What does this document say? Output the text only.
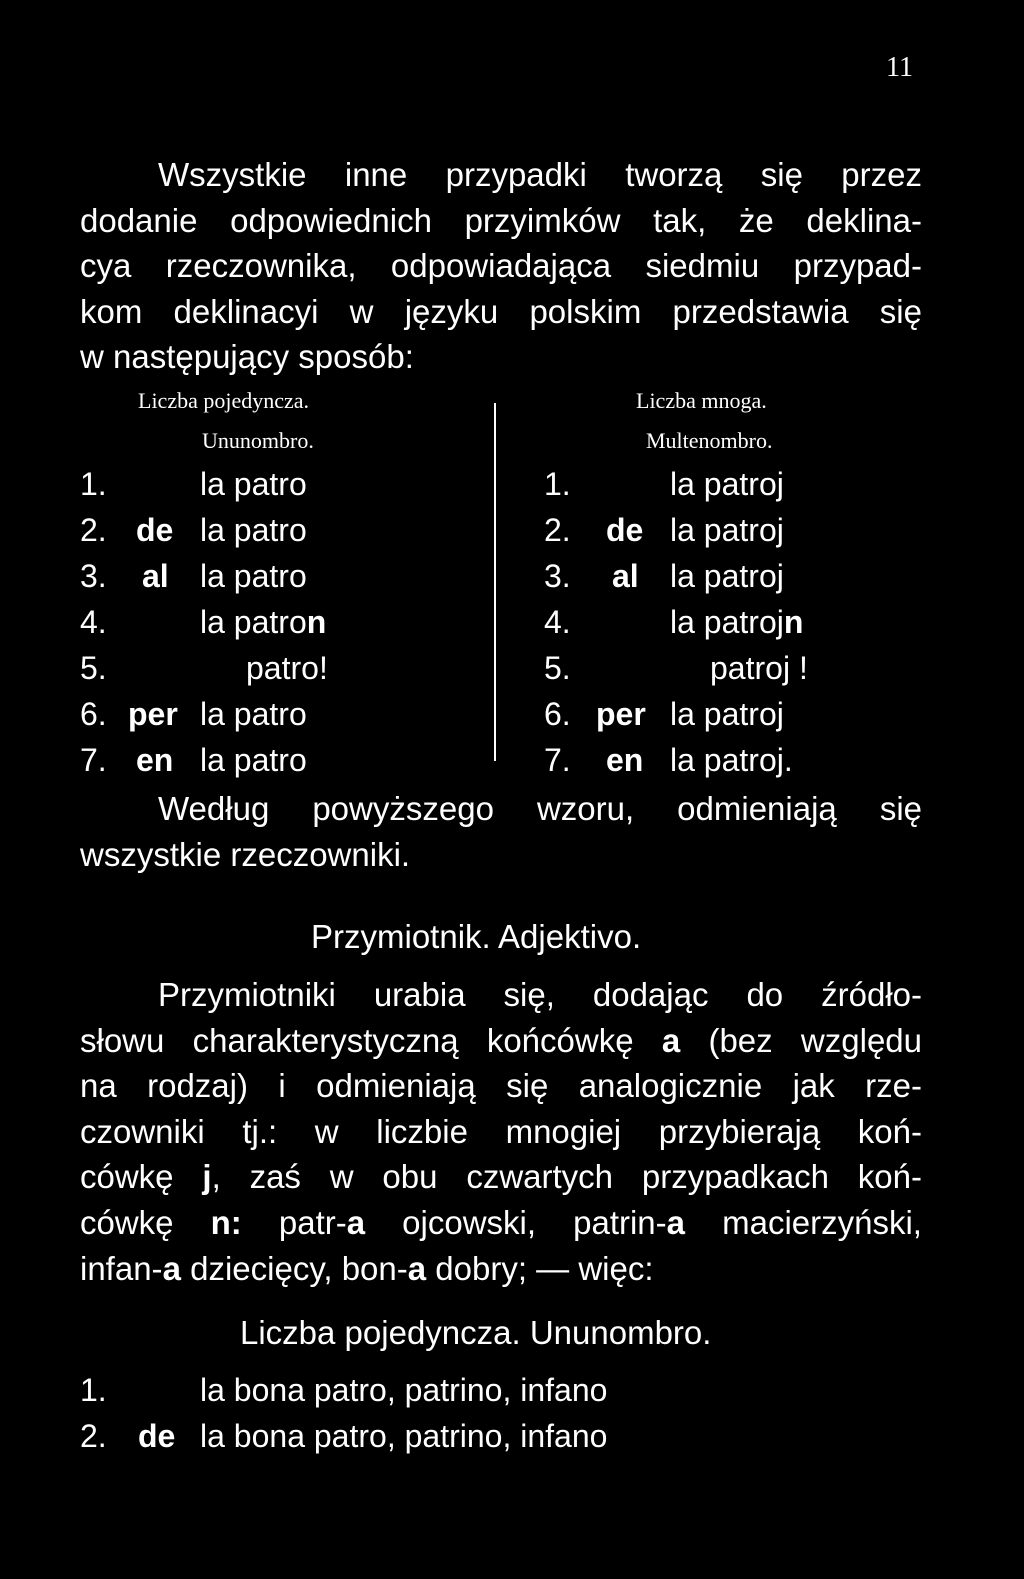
11
Wszystkie inne przypadki tworzą się przez
dodanie odpowiednich przyimków tak, że deklina-
cya rzeczownika, odpowiadająca siedmiu przypad-
kom deklinacyi w języku polskim przedstawia się
w następujący sposób:
Liczba pojedyncza.
Ununombro.
Liczba mnoga.
Multenombro.
1.	la patro
2. de la patro
3. al la patro
4.	la patron
5.	patro!
6. per la patro
7. en la patro
1.	la patroj
2. de la patroj
3. al la patroj
4.	la patrojn
5.	patroj !
6. per la patroj
7. en la patroj.
Według powyższego wzoru, odmieniają się
wszystkie rzeczowniki.
Przymiotnik. Adjektivo.
Przymiotniki urabia się, dodając do źródło-
słowu charakterystyczną końcówkę a (bez względu
na rodzaj) i odmieniają się analogicznie jak rze-
czowniki tj.: w liczbie mnogiej przybierają koń-
cówkę j, zaś w obu czwartych przypadkach koń-
cówkę n: patr-a ojcowski, patrin-a macierzyński,
infan-a dziecięcy, bon-a dobry; — więc:
Liczba pojedyncza. Ununombro.
1.	la bona patro, patrino, infano
2. de la bona patro, patrino, infano
